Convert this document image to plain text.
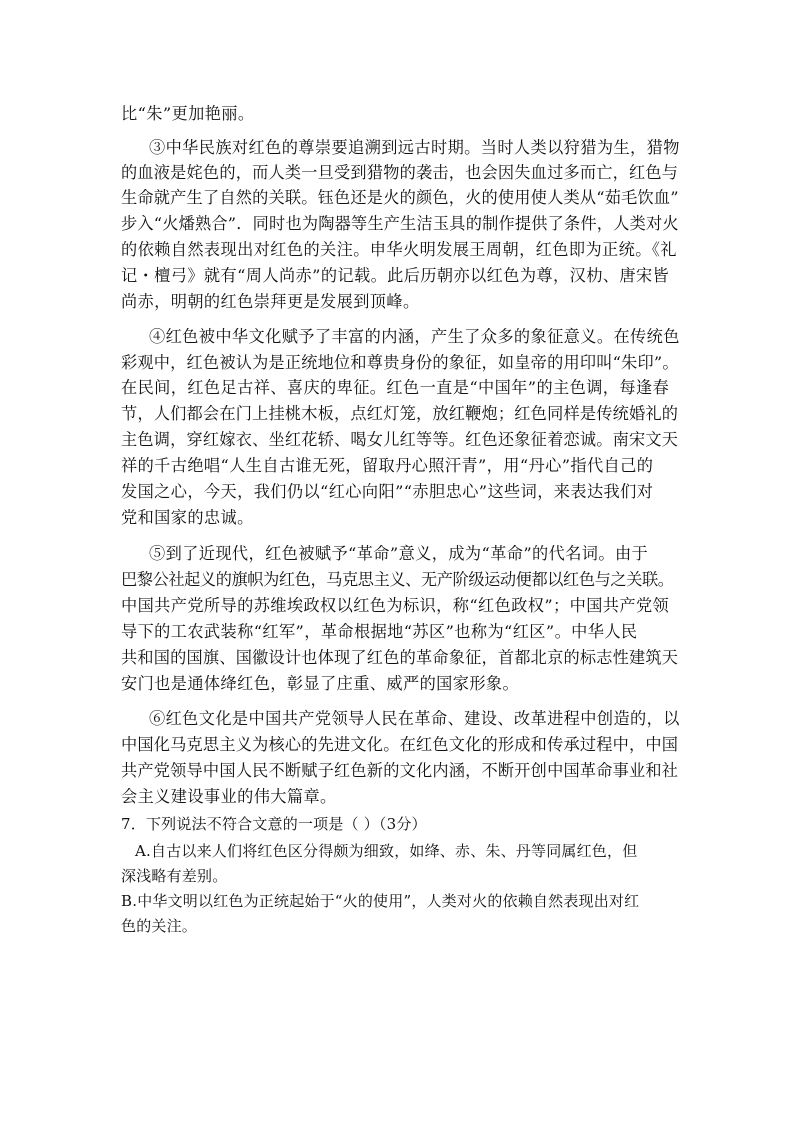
比“朱”更加艳丽。
③中华民族对红色的尊崇要追溯到远古时期。当时人类以狩猎为生，猎物
的血液是姹色的，而人类一旦受到猎物的袭击，也会因失血过多而亡，红色与
生命就产生了自然的关联。钰色还是火的颜色，火的使用使人类从“茹毛饮血”
步入“火燔熟合”．同时也为陶器等生产生洁玉具的制作提供了条件，人类对火
的依赖自然表现出对红色的关注。申华火明发展王周朝，红色即为正统。《礼
记・檀弓》就有“周人尚赤”的记载。此后历朝亦以红色为尊，汉朸、唐宋皆
尚赤，明朝的红色崇拜更是发展到顶峰。
④红色被中华文化赋予了丰富的内涵，产生了众多的象征意义。在传统色
彩观中，红色被认为是正统地位和尊贵身份的象征，如皇帝的用印叫“朱印”。
在民间，红色足古祥、喜庆的卑征。红色一直是“中国年”的主色调，每逢春
节，人们都会在门上挂桃木板，点红灯笼，放红鞭炮；红色同样是传统婚礼的
主色调，穿红嫁衣、坐红花轿、喝女儿红等等。红色还象征着恋诚。南宋文天
祥的千古绝唱“人生自古谁无死，留取丹心照汗青”，用“丹心”指代自己的
发国之心，今天，我们仍以“红心向阳”“赤胆忠心”这些词，来表达我们对
党和国家的忠诚。
⑤到了近现代，红色被赋予“革命”意义，成为“革命”的代名词。由于
巴黎公社起义的旗帜为红色，马克思主义、无产阶级运动便都以红色与之关联。
中国共产党所导的苏维埃政权以红色为标识，称“红色政权”；中国共产党领
导下的工农武装称“红军”，革命根据地“苏区”也称为“红区”。中华人民
共和国的国旗、国徽设计也体现了红色的革命象征，首都北京的标志性建筑天
安门也是通体绛红色，彰显了庄重、威严的国家形象。
⑥红色文化是中国共产党领导人民在革命、建设、改革进程中创造的，以
中国化马克思主义为核心的先进文化。在红色文化的形成和传承过程中，中国
共产党领导中国人民不断赋子红色新的文化内涵，不断开创中国革命事业和社
会主义建设事业的伟大篇章。
7．下列说法不符合文意的一项是（ ）（3分）
A.自古以来人们将红色区分得颇为细致，如绛、赤、朱、丹等同属红色，但
深浅略有差别。
B.中华文明以红色为正统起始于“火的使用”，人类对火的依赖自然表现出对红
色的关注。
